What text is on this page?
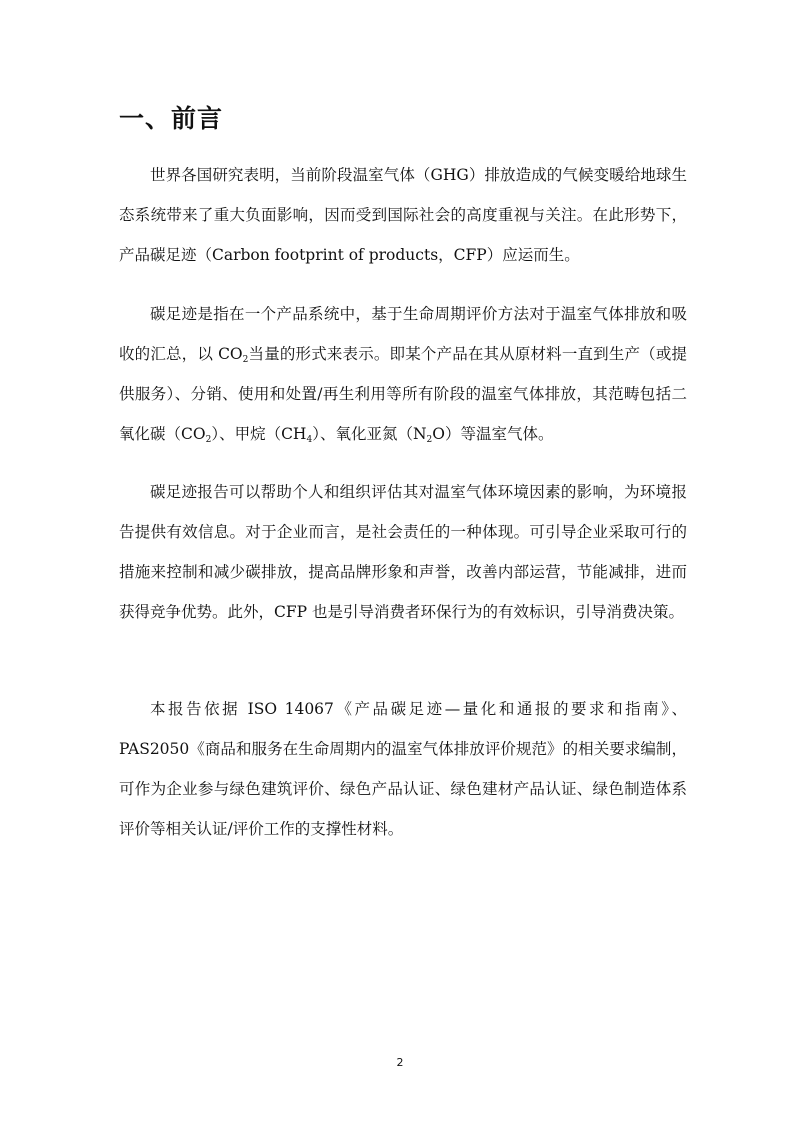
一、前言

世界各国研究表明，当前阶段温室气体（GHG）排放造成的气候变暖给地球生态系统带来了重大负面影响，因而受到国际社会的高度重视与关注。在此形势下，产品碳足迹（Carbon footprint of products，CFP）应运而生。

碳足迹是指在一个产品系统中，基于生命周期评价方法对于温室气体排放和吸收的汇总，以 $CO_2$当量的形式来表示。即某个产品在其从原材料一直到生产（或提供服务）、分销、使用和处置/再生利用等所有阶段的温室气体排放，其范畴包括二氧化碳$(CO_2)$、甲烷$(CH_4)$、氧化亚氮$(N_2O)$等温室气体。

碳足迹报告可以帮助个人和组织评估其对温室气体环境因素的影响，为环境报告提供有效信息。对于企业而言，是社会责任的一种体现。可引导企业采取可行的措施来控制和减少碳排放，提高品牌形象和声誉，改善内部运营，节能减排，进而获得竞争优势。此外，CFP 也是引导消费者环保行为的有效标识，引导消费决策。

本报告依据 ISO 14067《产品碳足迹—量化和通报的要求和指南》、PAS2050《商品和服务在生命周期内的温室气体排放评价规范》的相关要求编制，可作为企业参与绿色建筑评价、绿色产品认证、绿色建材产品认证、绿色制造体系评价等相关认证/评价工作的支撑性材料。

2
